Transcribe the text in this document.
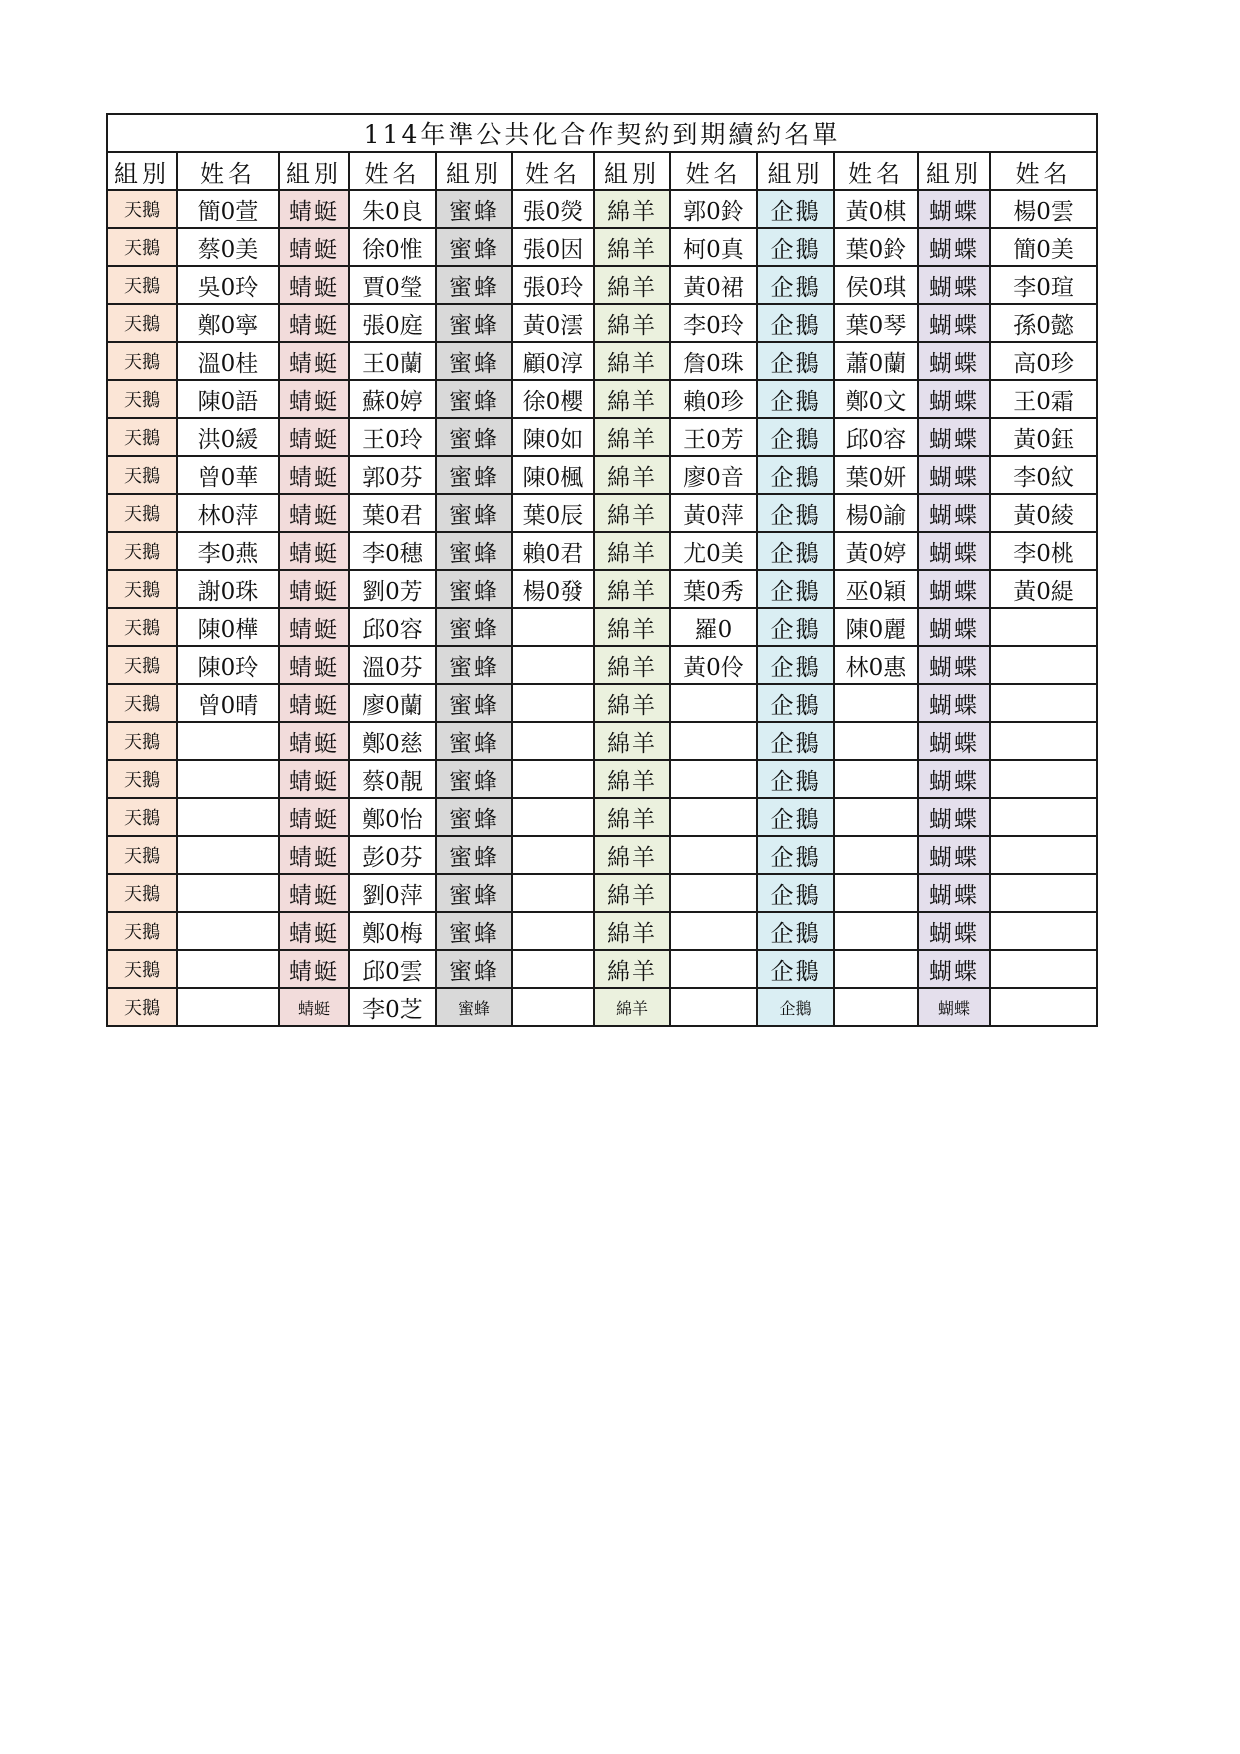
114年準公共化合作契約到期續約名單											
組別	姓名	組別	姓名	組別	姓名	組別	姓名	組別	姓名	組別	姓名
天鵝	簡0萱	蜻蜓	朱0良	蜜蜂	張0熒	綿羊	郭0鈴	企鵝	黃0棋	蝴蝶	楊0雲
天鵝	蔡0美	蜻蜓	徐0惟	蜜蜂	張0因	綿羊	柯0真	企鵝	葉0鈴	蝴蝶	簡0美
天鵝	吳0玲	蜻蜓	賈0瑩	蜜蜂	張0玲	綿羊	黃0裙	企鵝	侯0琪	蝴蝶	李0瑄
天鵝	鄭0寧	蜻蜓	張0庭	蜜蜂	黃0澐	綿羊	李0玲	企鵝	葉0琴	蝴蝶	孫0懿
天鵝	溫0桂	蜻蜓	王0蘭	蜜蜂	顧0淳	綿羊	詹0珠	企鵝	蕭0蘭	蝴蝶	高0珍
天鵝	陳0語	蜻蜓	蘇0婷	蜜蜂	徐0櫻	綿羊	賴0珍	企鵝	鄭0文	蝴蝶	王0霜
天鵝	洪0緩	蜻蜓	王0玲	蜜蜂	陳0如	綿羊	王0芳	企鵝	邱0容	蝴蝶	黃0鈺
天鵝	曾0華	蜻蜓	郭0芬	蜜蜂	陳0楓	綿羊	廖0音	企鵝	葉0妍	蝴蝶	李0紋
天鵝	林0萍	蜻蜓	葉0君	蜜蜂	葉0辰	綿羊	黃0萍	企鵝	楊0諭	蝴蝶	黃0綾
天鵝	李0燕	蜻蜓	李0穗	蜜蜂	賴0君	綿羊	尤0美	企鵝	黃0婷	蝴蝶	李0桃
天鵝	謝0珠	蜻蜓	劉0芳	蜜蜂	楊0發	綿羊	葉0秀	企鵝	巫0穎	蝴蝶	黃0緹
天鵝	陳0樺	蜻蜓	邱0容	蜜蜂		綿羊	羅0	企鵝	陳0麗	蝴蝶	
天鵝	陳0玲	蜻蜓	溫0芬	蜜蜂		綿羊	黃0伶	企鵝	林0惠	蝴蝶	
天鵝	曾0晴	蜻蜓	廖0蘭	蜜蜂		綿羊		企鵝		蝴蝶	
天鵝		蜻蜓	鄭0慈	蜜蜂		綿羊		企鵝		蝴蝶	
天鵝		蜻蜓	蔡0靚	蜜蜂		綿羊		企鵝		蝴蝶	
天鵝		蜻蜓	鄭0怡	蜜蜂		綿羊		企鵝		蝴蝶	
天鵝		蜻蜓	彭0芬	蜜蜂		綿羊		企鵝		蝴蝶	
天鵝		蜻蜓	劉0萍	蜜蜂		綿羊		企鵝		蝴蝶	
天鵝		蜻蜓	鄭0梅	蜜蜂		綿羊		企鵝		蝴蝶	
天鵝		蜻蜓	邱0雲	蜜蜂		綿羊		企鵝		蝴蝶	
天鵝		蜻蜓	李0芝	蜜蜂		綿羊		企鵝		蝴蝶	
